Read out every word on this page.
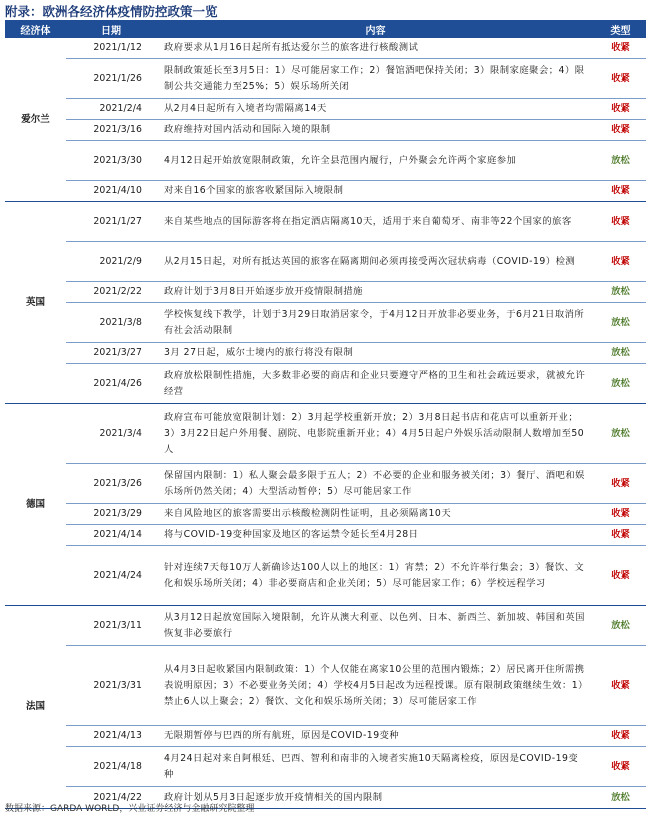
附录：欧洲各经济体疫情防控政策一览
经济体	日期	内容	类型
爱尔兰	2021/1/12	政府要求从1月16日起所有抵达爱尔兰的旅客进行核酸测试	收紧
	2021/1/26	限制政策延长至3月5日：1）尽可能居家工作；2）餐馆酒吧保持关闭；3）限制家庭聚会；4）限制公共交通能力至25%；5）娱乐场所关闭	收紧
	2021/2/4	从2月4日起所有入境者均需隔离14天	收紧
	2021/3/16	政府维持对国内活动和国际入境的限制	收紧
	2021/3/30	4月12日起开始放宽限制政策，允许全县范围内履行，户外聚会允许两个家庭参加	放松
	2021/4/10	对来自16个国家的旅客收紧国际入境限制	收紧
英国	2021/1/27	来自某些地点的国际游客将在指定酒店隔离10天，适用于来自葡萄牙、南非等22个国家的旅客	收紧
	2021/2/9	从2月15日起，对所有抵达英国的旅客在隔离期间必须再接受两次冠状病毒（COVID-19）检测	收紧
	2021/2/22	政府计划于3月8日开始逐步放开疫情限制措施	放松
	2021/3/8	学校恢复线下教学，计划于3月29日取消居家令，于4月12日开放非必要业务，于6月21日取消所有社会活动限制	放松
	2021/3/27	3月 27日起，威尔士境内的旅行将没有限制	放松
	2021/4/26	政府放松限制性措施，大多数非必要的商店和企业只要遵守严格的卫生和社会疏远要求，就被允许经营	放松
德国	2021/3/4	政府宣布可能放宽限制计划：2）3月起学校重新开放；2）3月8日起书店和花店可以重新开业；3）3月22日起户外用餐、剧院、电影院重新开业；4）4月5日起户外娱乐活动限制人数增加至50人	放松
	2021/3/26	保留国内限制：1）私人聚会最多限于五人；2）不必要的企业和服务被关闭；3）餐厅、酒吧和娱乐场所仍然关闭；4）大型活动暂停；5）尽可能居家工作	收紧
	2021/3/29	来自风险地区的旅客需要出示核酸检测阴性证明，且必须隔离10天	收紧
	2021/4/14	将与COVID-19变种国家及地区的客运禁令延长至4月28日	收紧
	2021/4/24	针对连续7天每10万人新确诊达100人以上的地区：1）宵禁；2）不允许举行集会；3）餐饮、文化和娱乐场所关闭；4）非必要商店和企业关闭；5）尽可能居家工作；6）学校远程学习	收紧
法国	2021/3/11	从3月12日起放宽国际入境限制，允许从澳大利亚、以色列、日本、新西兰、新加坡、韩国和英国恢复非必要旅行	放松
	2021/3/31	从4月3日起收紧国内限制政策：1）个人仅能在离家10公里的范围内锻炼；2）居民离开住所需携表说明原因；3）不必要业务关闭；4）学校4月5日起改为远程授课。原有限制政策继续生效：1）禁止6人以上聚会；2）餐饮、文化和娱乐场所关闭；3）尽可能居家工作	收紧
	2021/4/13	无限期暂停与巴西的所有航班，原因是COVID-19变种	收紧
	2021/4/18	4月24日起对来自阿根廷、巴西、智利和南非的入境者实施10天隔离检疫，原因是COVID-19变种	收紧
	2021/4/22	政府计划从5月3日起逐步放开疫情相关的国内限制	放松
数据来源：GARDA WORLD，兴业证券经济与金融研究院整理
